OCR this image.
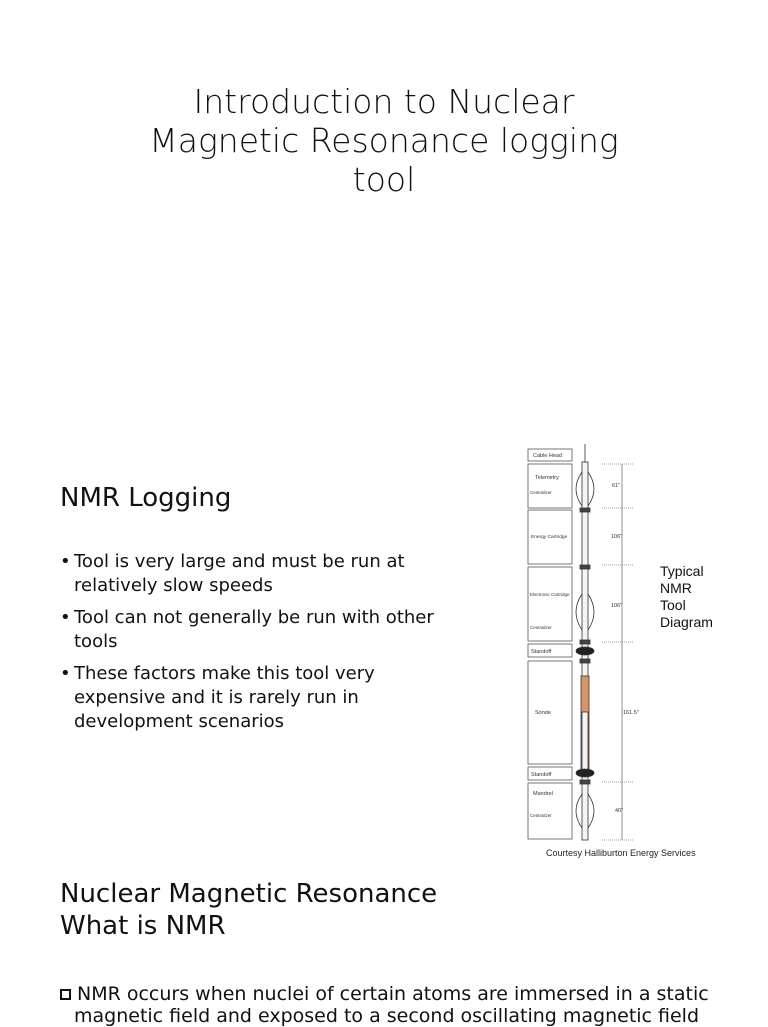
Introduction to Nuclear
Magnetic Resonance logging
tool
NMR Logging
• Tool is very large and must be run at
relatively slow speeds
• Tool can not generally be run with other
tools
• These factors make this tool very
expensive and it is rarely run in
development scenarios
Cable Head
Telemetry
Centralizer
Energy Cartridge
Electronic Cartridge
Centralizer
Standoff
Sonde
Standoff
Mandrel
Centralizer
61"
106"
106"
161.5"
40"
Typical
NMR
Tool
Diagram
Courtesy Halliburton Energy Services
Nuclear Magnetic Resonance
What is NMR
NMR occurs when nuclei of certain atoms are immersed in a static
magnetic field and exposed to a second oscillating magnetic field
